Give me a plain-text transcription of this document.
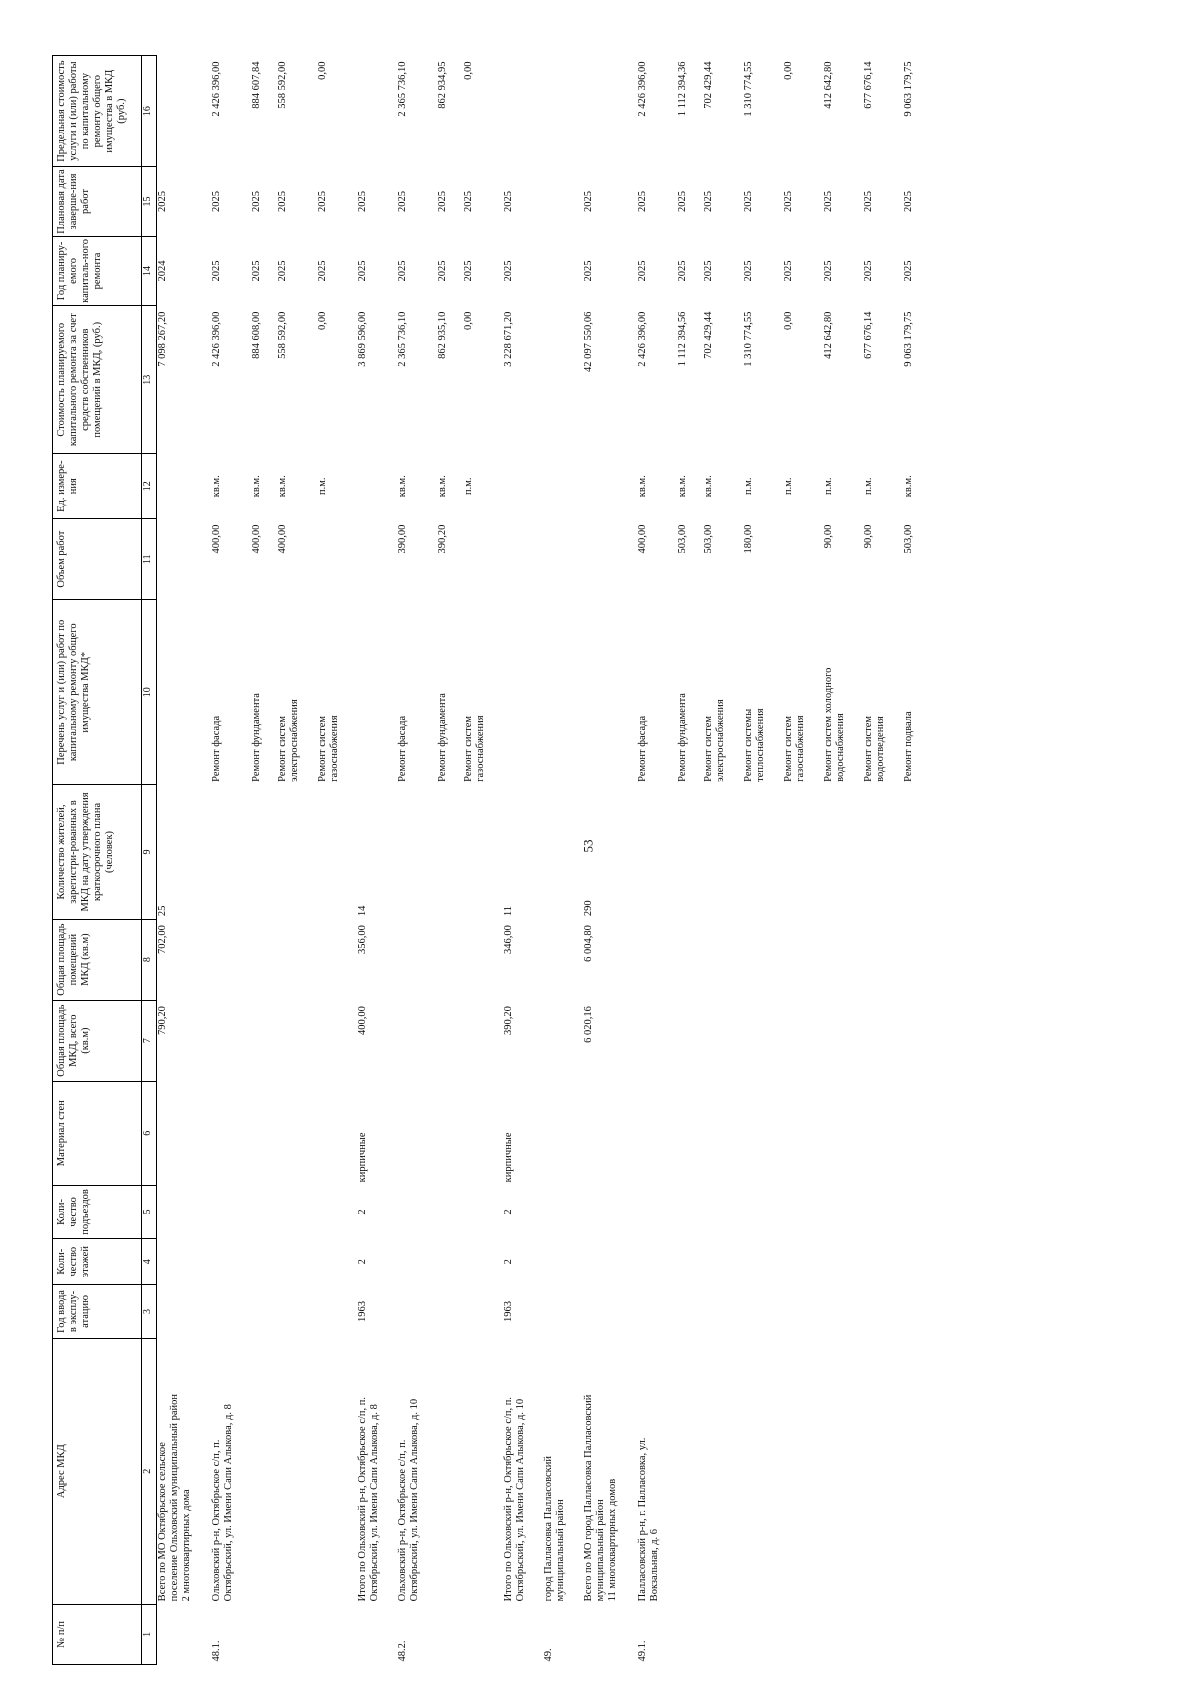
53
№ п/п	Адрес МКД	Год ввода в эксплу-атацию	Коли-чество этажей	Коли-чество подъездов	Материал стен	Общая площадь МКД, всего (кв.м)	Общая площадь помещений МКД (кв.м)	Количество жителей, зарегистри-рованных в МКД на дату утверждения краткосрочного плана (человек)	Перечень услуг и (или) работ по капитальному ремонту общего имущества МКД*	Объем работ	Ед. измере-ния	Стоимость планируемого капитального ремонта за счет средств собственников помещений в МКД, (руб.)	Год планиру-емого капиталь-ного ремонта	Плановая дата заверше-ния работ	Предельная стоимость услуги и (или) работы по капитальному ремонту общего имущества в МКД (руб.)
1	2	3	4	5	6	7	8	9	10	11	12	13	14	15	16
	Всего по МО Октябрьское сельское
поселение Ольховский муниципальный район
2 многоквартирных дома					790,20	702,00	25				7 098 267,20	2024	2025	
48.1.	Ольховский р-н, Октябрьское с/п, п.
Октябрьский, ул. Имени Сапи Алыкова, д. 8								Ремонт фасада	400,00	кв.м.	2 426 396,00	2025	2025	2 426 396,00
									Ремонт фундамента	400,00	кв.м.	884 608,00	2025	2025	884 607,84
									Ремонт систем
электроснабжения	400,00	кв.м.	558 592,00	2025	2025	558 592,00
									Ремонт систем
газоснабжения		п.м.	0,00	2025	2025	0,00
	Итого по Ольховский р-н, Октябрьское с/п, п.
Октябрьский, ул. Имени Сапи Алыкова, д. 8	1963	2	2	кирпичные	400,00	356,00	14				3 869 596,00	2025	2025	
48.2.	Ольховский р-н, Октябрьское с/п, п.
Октябрьский, ул. Имени Сапи Алыкова, д. 10								Ремонт фасада	390,00	кв.м.	2 365 736,10	2025	2025	2 365 736,10
									Ремонт фундамента	390,20	кв.м.	862 935,10	2025	2025	862 934,95
									Ремонт систем
газоснабжения		п.м.	0,00	2025	2025	0,00
	Итого по Ольховский р-н, Октябрьское с/п, п.
Октябрьский, ул. Имени Сапи Алыкова, д. 10	1963	2	2	кирпичные	390,20	346,00	11				3 228 671,20	2025	2025	
49.	город Палласовка Палласовский
муниципальный район														
	Всего по МО город Палласовка Палласовский
муниципальный район
11 многоквартирных домов					6 020,16	6 004,80	290				42 097 550,06	2025	2025	
49.1.	Палласовский р-н, г. Палласовка, ул.
Вокзальная, д. 6								Ремонт фасада	400,00	кв.м.	2 426 396,00	2025	2025	2 426 396,00
									Ремонт фундамента	503,00	кв.м.	1 112 394,56	2025	2025	1 112 394,36
									Ремонт систем
электроснабжения	503,00	кв.м.	702 429,44	2025	2025	702 429,44
									Ремонт системы
теплоснабжения	180,00	п.м.	1 310 774,55	2025	2025	1 310 774,55
									Ремонт систем
газоснабжения		п.м.	0,00	2025	2025	0,00
									Ремонт систем холодного
водоснабжения	90,00	п.м.	412 642,80	2025	2025	412 642,80
									Ремонт систем
водоотведения	90,00	п.м.	677 676,14	2025	2025	677 676,14
									Ремонт подвала	503,00	кв.м.	9 063 179,75	2025	2025	9 063 179,75
